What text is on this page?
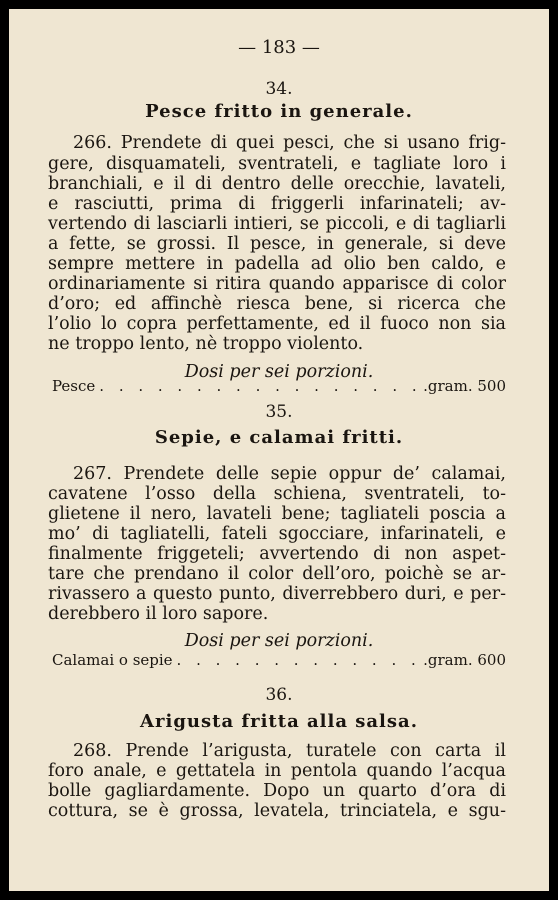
— 183 —
34.
Pesce fritto in generale.
266. Prendete di quei pesci, che si usano frig-
gere, disquamateli, sventrateli, e tagliate loro i
branchiali, e il di dentro delle orecchie, lavateli,
e rasciutti, prima di friggerli infarinateli; av-
vertendo di lasciarli intieri, se piccoli, e di tagliarli
a fette, se grossi. Il pesce, in generale, si deve
sempre mettere in padella ad olio ben caldo, e
ordinariamente si ritira quando apparisce di color
d’oro; ed affinchè riesca bene, si ricerca che
l’olio lo copra perfettamente, ed il fuoco non sia
ne troppo lento, nè troppo violento.
Dosi per sei porzioni.
Pesce . . .	.gram. 500
35.
Sepie, e calamai fritti.
267. Prendete delle sepie oppur de’ calamai,
cavatene l’osso della schiena, sventrateli, to-
glietene il nero, lavateli bene; tagliateli poscia a
mo’ di tagliatelli, fateli sgocciare, infarinateli, e
finalmente friggeteli; avvertendo di non aspet-
tare che prendano il color dell’oro, poichè se ar-
rivassero a questo punto, diverrebbero duri, e per-
derebbero il loro sapore.
Dosi per sei porzioni.
Calamai o sepie . . .	.gram. 600
36.
Arigusta fritta alla salsa.
268. Prende l’arigusta, turatele con carta il
foro anale, e gettatela in pentola quando l’acqua
bolle gagliardamente. Dopo un quarto d’ora di
cottura, se è grossa, levatela, trinciatela, e sgu-
